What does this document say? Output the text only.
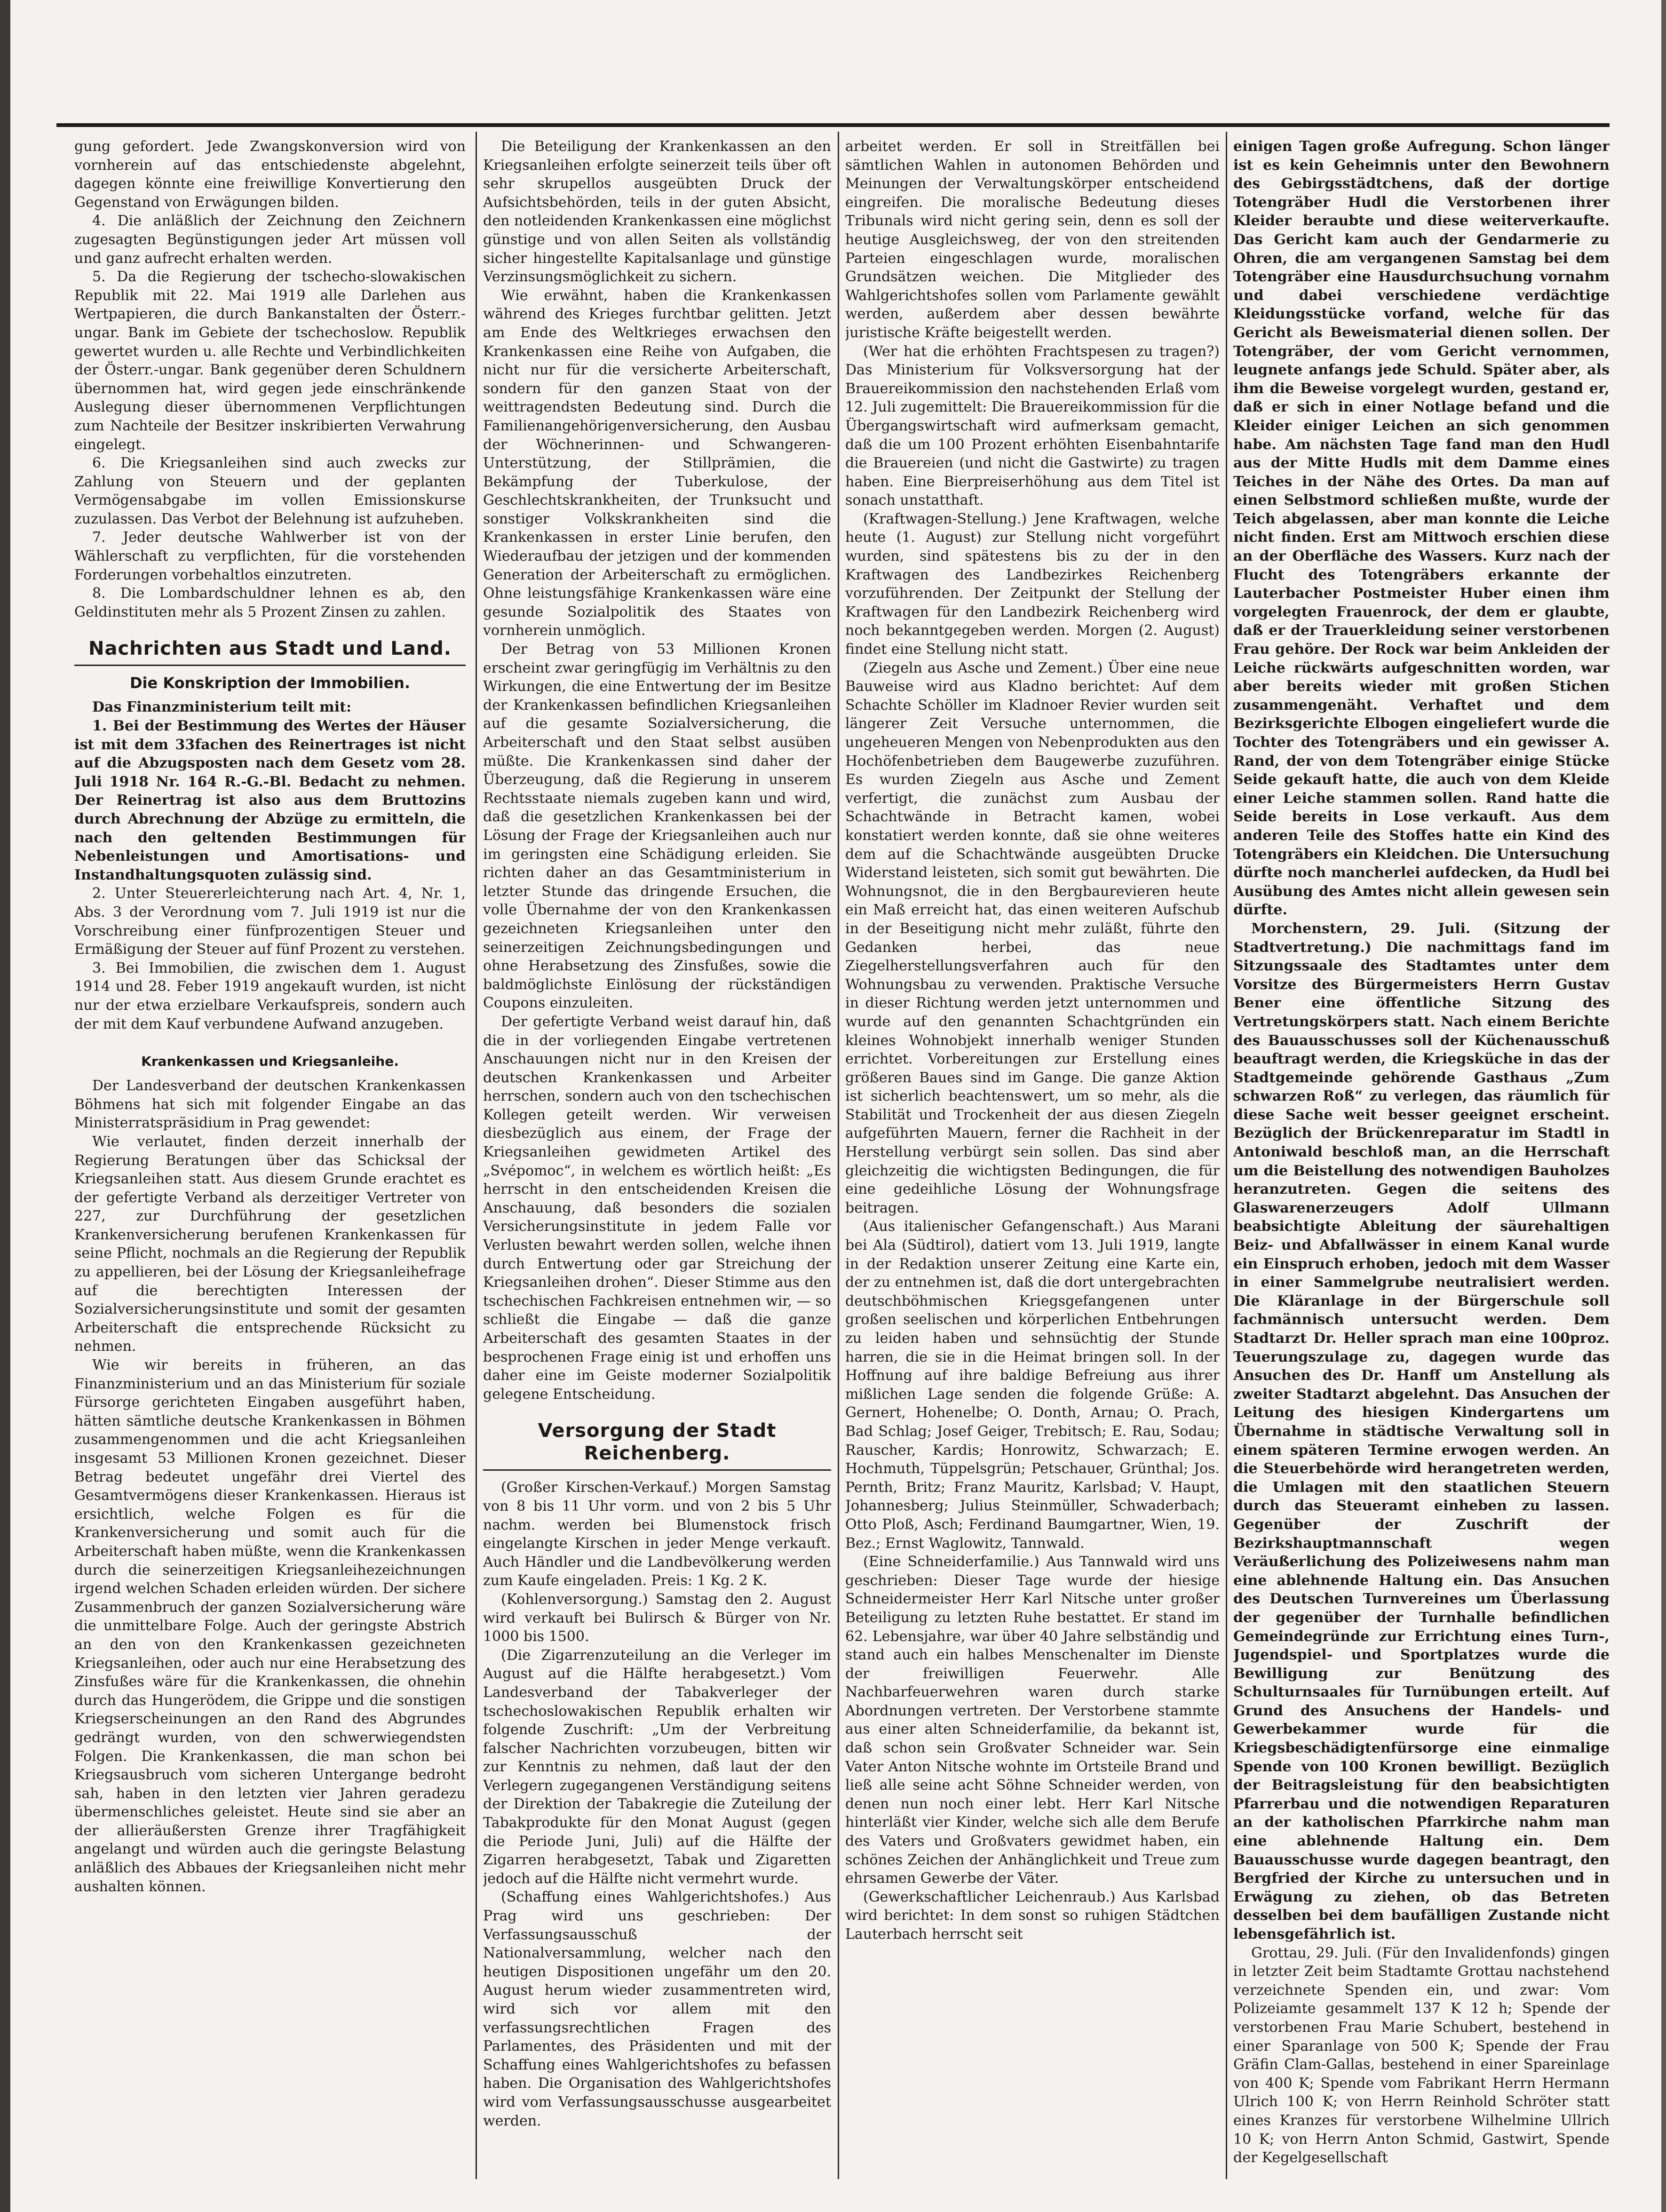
gung gefordert. Jede Zwangskonversion wird von vornherein auf das entschiedenste abgelehnt, dagegen könnte eine freiwillige Konvertierung den Gegenstand von Erwägungen bilden.

4. Die anläßlich der Zeichnung den Zeichnern zugesagten Begünstigungen jeder Art müssen voll und ganz aufrecht erhalten werden.

5. Da die Regierung der tschecho-slowakischen Republik mit 22. Mai 1919 alle Darlehen aus Wertpapieren, die durch Bankanstalten der Österr.-ungar. Bank im Gebiete der tschechoslow. Republik gewertet wurden u. alle Rechte und Verbindlichkeiten der Österr.-ungar. Bank gegenüber deren Schuldnern übernommen hat, wird gegen jede einschränkende Auslegung dieser übernommenen Verpflichtungen zum Nachteile der Besitzer inskribierten Verwahrung eingelegt.

6. Die Kriegsanleihen sind auch zwecks zur Zahlung von Steuern und der geplanten Vermögensabgabe im vollen Emissionskurse zuzulassen. Das Verbot der Belehnung ist aufzuheben.

7. Jeder deutsche Wahlwerber ist von der Wählerschaft zu verpflichten, für die vorstehenden Forderungen vorbehaltlos einzutreten.

8. Die Lombardschuldner lehnen es ab, den Geldinstituten mehr als 5 Prozent Zinsen zu zahlen.

Nachrichten aus Stadt und Land.
Die Konskription der Immobilien.

Das Finanzministerium teilt mit:

1. Bei der Bestimmung des Wertes der Häuser ist mit dem 33fachen des Reinertrages ist nicht auf die Abzugsposten nach dem Gesetz vom 28. Juli 1918 Nr. 164 R.-G.-Bl. Bedacht zu nehmen. Der Reinertrag ist also aus dem Bruttozins durch Abrechnung der Abzüge zu ermitteln, die nach den geltenden Bestimmungen für Nebenleistungen und Amortisations- und Instandhaltungsquoten zulässig sind.

2. Unter Steuererleichterung nach Art. 4, Nr. 1, Abs. 3 der Verordnung vom 7. Juli 1919 ist nur die Vorschreibung einer fünfprozentigen Steuer und Ermäßigung der Steuer auf fünf Prozent zu verstehen.

3. Bei Immobilien, die zwischen dem 1. August 1914 und 28. Feber 1919 angekauft wurden, ist nicht nur der etwa erzielbare Verkaufspreis, sondern auch der mit dem Kauf verbundene Aufwand anzugeben.

Krankenkassen und Kriegsanleihe.

Der Landesverband der deutschen Krankenkassen Böhmens hat sich mit folgender Eingabe an das Ministerratspräsidium in Prag gewendet:

Wie verlautet, finden derzeit innerhalb der Regierung Beratungen über das Schicksal der Kriegsanleihen statt. Aus diesem Grunde erachtet es der gefertigte Verband als derzeitiger Vertreter von 227, zur Durchführung der gesetzlichen Krankenversicherung berufenen Krankenkassen für seine Pflicht, nochmals an die Regierung der Republik zu appellieren, bei der Lösung der Kriegsanleihefrage auf die berechtigten Interessen der Sozialversicherungsinstitute und somit der gesamten Arbeiterschaft die entsprechende Rücksicht zu nehmen.

Wie wir bereits in früheren, an das Finanzministerium und an das Ministerium für soziale Fürsorge gerichteten Eingaben ausgeführt haben, hätten sämtliche deutsche Krankenkassen in Böhmen zusammengenommen und die acht Kriegsanleihen insgesamt 53 Millionen Kronen gezeichnet. Dieser Betrag bedeutet ungefähr drei Viertel des Gesamtvermögens dieser Krankenkassen. Hieraus ist ersichtlich, welche Folgen es für die Krankenversicherung und somit auch für die Arbeiterschaft haben müßte, wenn die Krankenkassen durch die seinerzeitigen Kriegsanleihezeichnungen irgend welchen Schaden erleiden würden. Der sichere Zusammenbruch der ganzen Sozialversicherung wäre die unmittelbare Folge. Auch der geringste Abstrich an den von den Krankenkassen gezeichneten Kriegsanleihen, oder auch nur eine Herabsetzung des Zinsfußes wäre für die Krankenkassen, die ohnehin durch das Hungerödem, die Grippe und die sonstigen Kriegserscheinungen an den Rand des Abgrundes gedrängt wurden, von den schwerwiegendsten Folgen. Die Krankenkassen, die man schon bei Kriegsausbruch vom sicheren Untergange bedroht sah, haben in den letzten vier Jahren geradezu übermenschliches geleistet. Heute sind sie aber an der allieräußersten Grenze ihrer Tragfähigkeit angelangt und würden auch die geringste Belastung anläßlich des Abbaues der Kriegsanleihen nicht mehr aushalten können.

Die Beteiligung der Krankenkassen an den Kriegsanleihen erfolgte seinerzeit teils über oft sehr skrupellos ausgeübten Druck der Aufsichtsbehörden, teils in der guten Absicht, den notleidenden Krankenkassen eine möglichst günstige und von allen Seiten als vollständig sicher hingestellte Kapitalsanlage und günstige Verzinsungsmöglichkeit zu sichern.

Wie erwähnt, haben die Krankenkassen während des Krieges furchtbar gelitten. Jetzt am Ende des Weltkrieges erwachsen den Krankenkassen eine Reihe von Aufgaben, die nicht nur für die versicherte Arbeiterschaft, sondern für den ganzen Staat von der weittragendsten Bedeutung sind. Durch die Familienangehörigenversicherung, den Ausbau der Wöchnerinnen- und Schwangeren-Unterstützung, der Stillprämien, die Bekämpfung der Tuberkulose, der Geschlechtskrankheiten, der Trunksucht und sonstiger Volkskrankheiten sind die Krankenkassen in erster Linie berufen, den Wiederaufbau der jetzigen und der kommenden Generation der Arbeiterschaft zu ermöglichen. Ohne leistungsfähige Krankenkassen wäre eine gesunde Sozialpolitik des Staates von vornherein unmöglich.

Der Betrag von 53 Millionen Kronen erscheint zwar geringfügig im Verhältnis zu den Wirkungen, die eine Entwertung der im Besitze der Krankenkassen befindlichen Kriegsanleihen auf die gesamte Sozialversicherung, die Arbeiterschaft und den Staat selbst ausüben müßte. Die Krankenkassen sind daher der Überzeugung, daß die Regierung in unserem Rechtsstaate niemals zugeben kann und wird, daß die gesetzlichen Krankenkassen bei der Lösung der Frage der Kriegsanleihen auch nur im geringsten eine Schädigung erleiden. Sie richten daher an das Gesamtministerium in letzter Stunde das dringende Ersuchen, die volle Übernahme der von den Krankenkassen gezeichneten Kriegsanleihen unter den seinerzeitigen Zeichnungsbedingungen und ohne Herabsetzung des Zinsfußes, sowie die baldmöglichste Einlösung der rückständigen Coupons einzuleiten.

Der gefertigte Verband weist darauf hin, daß die in der vorliegenden Eingabe vertretenen Anschauungen nicht nur in den Kreisen der deutschen Krankenkassen und Arbeiter herrschen, sondern auch von den tschechischen Kollegen geteilt werden. Wir verweisen diesbezüglich aus einem, der Frage der Kriegsanleihen gewidmeten Artikel des „Svépomoc“, in welchem es wörtlich heißt: „Es herrscht in den entscheidenden Kreisen die Anschauung, daß besonders die sozialen Versicherungsinstitute in jedem Falle vor Verlusten bewahrt werden sollen, welche ihnen durch Entwertung oder gar Streichung der Kriegsanleihen drohen“. Dieser Stimme aus den tschechischen Fachkreisen entnehmen wir, — so schließt die Eingabe — daß die ganze Arbeiterschaft des gesamten Staates in der besprochenen Frage einig ist und erhoffen uns daher eine im Geiste moderner Sozialpolitik gelegene Entscheidung.

Versorgung der Stadt Reichenberg.

(Großer Kirschen-Verkauf.) Morgen Samstag von 8 bis 11 Uhr vorm. und von 2 bis 5 Uhr nachm. werden bei Blumenstock frisch eingelangte Kirschen in jeder Menge verkauft. Auch Händler und die Landbevölkerung werden zum Kaufe eingeladen. Preis: 1 Kg. 2 K.

(Kohlenversorgung.) Samstag den 2. August wird verkauft bei Bulirsch & Bürger von Nr. 1000 bis 1500.

(Die Zigarrenzuteilung an die Verleger im August auf die Hälfte herabgesetzt.) Vom Landesverband der Tabakverleger der tschechoslowakischen Republik erhalten wir folgende Zuschrift: „Um der Verbreitung falscher Nachrichten vorzubeugen, bitten wir zur Kenntnis zu nehmen, daß laut der den Verlegern zugegangenen Verständigung seitens der Direktion der Tabakregie die Zuteilung der Tabakprodukte für den Monat August (gegen die Periode Juni, Juli) auf die Hälfte der Zigarren herabgesetzt, Tabak und Zigaretten jedoch auf die Hälfte nicht vermehrt wurde.

(Schaffung eines Wahlgerichtshofes.) Aus Prag wird uns geschrieben: Der Verfassungsausschuß der Nationalversammlung, welcher nach den heutigen Dispositionen ungefähr um den 20. August herum wieder zusammentreten wird, wird sich vor allem mit den verfassungsrechtlichen Fragen des Parlamentes, des Präsidenten und mit der Schaffung eines Wahlgerichtshofes zu befassen haben. Die Organisation des Wahlgerichtshofes wird vom Verfassungsausschusse ausgearbeitet werden.

arbeitet werden. Er soll in Streitfällen bei sämtlichen Wahlen in autonomen Behörden und Meinungen der Verwaltungskörper entscheidend eingreifen. Die moralische Bedeutung dieses Tribunals wird nicht gering sein, denn es soll der heutige Ausgleichsweg, der von den streitenden Parteien eingeschlagen wurde, moralischen Grundsätzen weichen. Die Mitglieder des Wahlgerichtshofes sollen vom Parlamente gewählt werden, außerdem aber dessen bewährte juristische Kräfte beigestellt werden.

(Wer hat die erhöhten Frachtspesen zu tragen?) Das Ministerium für Volksversorgung hat der Brauereikommission den nachstehenden Erlaß vom 12. Juli zugemittelt: Die Brauereikommission für die Übergangswirtschaft wird aufmerksam gemacht, daß die um 100 Prozent erhöhten Eisenbahntarife die Brauereien (und nicht die Gastwirte) zu tragen haben. Eine Bierpreiserhöhung aus dem Titel ist sonach unstatthaft.

(Kraftwagen-Stellung.) Jene Kraftwagen, welche heute (1. August) zur Stellung nicht vorgeführt wurden, sind spätestens bis zu der in den Kraftwagen des Landbezirkes Reichenberg vorzuführenden. Der Zeitpunkt der Stellung der Kraftwagen für den Landbezirk Reichenberg wird noch bekanntgegeben werden. Morgen (2. August) findet eine Stellung nicht statt.

(Ziegeln aus Asche und Zement.) Über eine neue Bauweise wird aus Kladno berichtet: Auf dem Schachte Schöller im Kladnoer Revier wurden seit längerer Zeit Versuche unternommen, die ungeheueren Mengen von Nebenprodukten aus den Hochöfenbetrieben dem Baugewerbe zuzuführen. Es wurden Ziegeln aus Asche und Zement verfertigt, die zunächst zum Ausbau der Schachtwände in Betracht kamen, wobei konstatiert werden konnte, daß sie ohne weiteres dem auf die Schachtwände ausgeübten Drucke Widerstand leisteten, sich somit gut bewährten. Die Wohnungsnot, die in den Bergbaurevieren heute ein Maß erreicht hat, das einen weiteren Aufschub in der Beseitigung nicht mehr zuläßt, führte den Gedanken herbei, das neue Ziegelherstellungsverfahren auch für den Wohnungsbau zu verwenden. Praktische Versuche in dieser Richtung werden jetzt unternommen und wurde auf den genannten Schachtgründen ein kleines Wohnobjekt innerhalb weniger Stunden errichtet. Vorbereitungen zur Erstellung eines größeren Baues sind im Gange. Die ganze Aktion ist sicherlich beachtenswert, um so mehr, als die Stabilität und Trockenheit der aus diesen Ziegeln aufgeführten Mauern, ferner die Rachheit in der Herstellung verbürgt sein sollen. Das sind aber gleichzeitig die wichtigsten Bedingungen, die für eine gedeihliche Lösung der Wohnungsfrage beitragen.

(Aus italienischer Gefangenschaft.) Aus Marani bei Ala (Südtirol), datiert vom 13. Juli 1919, langte in der Redaktion unserer Zeitung eine Karte ein, der zu entnehmen ist, daß die dort untergebrachten deutschböhmischen Kriegsgefangenen unter großen seelischen und körperlichen Entbehrungen zu leiden haben und sehnsüchtig der Stunde harren, die sie in die Heimat bringen soll. In der Hoffnung auf ihre baldige Befreiung aus ihrer mißlichen Lage senden die folgende Grüße: A. Gernert, Hohenelbe; O. Donth, Arnau; O. Prach, Bad Schlag; Josef Geiger, Trebitsch; E. Rau, Sodau; Rauscher, Kardis; Honrowitz, Schwarzach; E. Hochmuth, Tüppelsgrün; Petschauer, Grünthal; Jos. Pernth, Britz; Franz Mauritz, Karlsbad; V. Haupt, Johannesberg; Julius Steinmüller, Schwaderbach; Otto Ploß, Asch; Ferdinand Baumgartner, Wien, 19. Bez.; Ernst Waglowitz, Tannwald.

(Eine Schneiderfamilie.) Aus Tannwald wird uns geschrieben: Dieser Tage wurde der hiesige Schneidermeister Herr Karl Nitsche unter großer Beteiligung zu letzten Ruhe bestattet. Er stand im 62. Lebensjahre, war über 40 Jahre selbständig und stand auch ein halbes Menschenalter im Dienste der freiwilligen Feuerwehr. Alle Nachbarfeuerwehren waren durch starke Abordnungen vertreten. Der Verstorbene stammte aus einer alten Schneiderfamilie, da bekannt ist, daß schon sein Großvater Schneider war. Sein Vater Anton Nitsche wohnte im Ortsteile Brand und ließ alle seine acht Söhne Schneider werden, von denen nun noch einer lebt. Herr Karl Nitsche hinterläßt vier Kinder, welche sich alle dem Berufe des Vaters und Großvaters gewidmet haben, ein schönes Zeichen der Anhänglichkeit und Treue zum ehrsamen Gewerbe der Väter.

(Gewerkschaftlicher Leichenraub.) Aus Karlsbad wird berichtet: In dem sonst so ruhigen Städtchen Lauterbach herrscht seit

einigen Tagen große Aufregung. Schon länger ist es kein Geheimnis unter den Bewohnern des Gebirgsstädtchens, daß der dortige Totengräber Hudl die Verstorbenen ihrer Kleider beraubte und diese weiterverkaufte. Das Gericht kam auch der Gendarmerie zu Ohren, die am vergangenen Samstag bei dem Totengräber eine Hausdurchsuchung vornahm und dabei verschiedene verdächtige Kleidungsstücke vorfand, welche für das Gericht als Beweismaterial dienen sollen. Der Totengräber, der vom Gericht vernommen, leugnete anfangs jede Schuld. Später aber, als ihm die Beweise vorgelegt wurden, gestand er, daß er sich in einer Notlage befand und die Kleider einiger Leichen an sich genommen habe. Am nächsten Tage fand man den Hudl aus der Mitte Hudls mit dem Damme eines Teiches in der Nähe des Ortes. Da man auf einen Selbstmord schließen mußte, wurde der Teich abgelassen, aber man konnte die Leiche nicht finden. Erst am Mittwoch erschien diese an der Oberfläche des Wassers. Kurz nach der Flucht des Totengräbers erkannte der Lauterbacher Postmeister Huber einen ihm vorgelegten Frauenrock, der dem er glaubte, daß er der Trauerkleidung seiner verstorbenen Frau gehöre. Der Rock war beim Ankleiden der Leiche rückwärts aufgeschnitten worden, war aber bereits wieder mit großen Stichen zusammengenäht. Verhaftet und dem Bezirksgerichte Elbogen eingeliefert wurde die Tochter des Totengräbers und ein gewisser A. Rand, der von dem Totengräber einige Stücke Seide gekauft hatte, die auch von dem Kleide einer Leiche stammen sollen. Rand hatte die Seide bereits in Lose verkauft. Aus dem anderen Teile des Stoffes hatte ein Kind des Totengräbers ein Kleidchen. Die Untersuchung dürfte noch mancherlei aufdecken, da Hudl bei Ausübung des Amtes nicht allein gewesen sein dürfte.

Morchenstern, 29. Juli. (Sitzung der Stadtvertretung.) Die nachmittags fand im Sitzungssaale des Stadtamtes unter dem Vorsitze des Bürgermeisters Herrn Gustav Bener eine öffentliche Sitzung des Vertretungskörpers statt. Nach einem Berichte des Bauausschusses soll der Küchenausschuß beauftragt werden, die Kriegsküche in das der Stadtgemeinde gehörende Gasthaus „Zum schwarzen Roß“ zu verlegen, das räumlich für diese Sache weit besser geeignet erscheint. Bezüglich der Brückenreparatur im Stadtl in Antoniwald beschloß man, an die Herrschaft um die Beistellung des notwendigen Bauholzes heranzutreten. Gegen die seitens des Glaswarenerzeugers Adolf Ullmann beabsichtigte Ableitung der säurehaltigen Beiz- und Abfallwässer in einem Kanal wurde ein Einspruch erhoben, jedoch mit dem Wasser in einer Sammelgrube neutralisiert werden. Die Kläranlage in der Bürgerschule soll fachmännisch untersucht werden. Dem Stadtarzt Dr. Heller sprach man eine 100proz. Teuerungszulage zu, dagegen wurde das Ansuchen des Dr. Hanff um Anstellung als zweiter Stadtarzt abgelehnt. Das Ansuchen der Leitung des hiesigen Kindergartens um Übernahme in städtische Verwaltung soll in einem späteren Termine erwogen werden. An die Steuerbehörde wird herangetreten werden, die Umlagen mit den staatlichen Steuern durch das Steueramt einheben zu lassen. Gegenüber der Zuschrift der Bezirkshauptmannschaft wegen Veräußerlichung des Polizeiwesens nahm man eine ablehnende Haltung ein. Das Ansuchen des Deutschen Turnvereines um Überlassung der gegenüber der Turnhalle befindlichen Gemeindegründe zur Errichtung eines Turn-, Jugendspiel- und Sportplatzes wurde die Bewilligung zur Benützung des Schulturnsaales für Turnübungen erteilt. Auf Grund des Ansuchens der Handels- und Gewerbekammer wurde für die Kriegsbeschädigtenfürsorge eine einmalige Spende von 100 Kronen bewilligt. Bezüglich der Beitragsleistung für den beabsichtigten Pfarrerbau und die notwendigen Reparaturen an der katholischen Pfarrkirche nahm man eine ablehnende Haltung ein. Dem Bauausschusse wurde dagegen beantragt, den Bergfried der Kirche zu untersuchen und in Erwägung zu ziehen, ob das Betreten desselben bei dem baufälligen Zustande nicht lebensgefährlich ist.

Grottau, 29. Juli. (Für den Invalidenfonds) gingen in letzter Zeit beim Stadtamte Grottau nachstehend verzeichnete Spenden ein, und zwar: Vom Polizeiamte gesammelt 137 K 12 h; Spende der verstorbenen Frau Marie Schubert, bestehend in einer Sparanlage von 500 K; Spende der Frau Gräfin Clam-Gallas, bestehend in einer Spareinlage von 400 K; Spende vom Fabrikant Herrn Hermann Ulrich 100 K; von Herrn Reinhold Schröter statt eines Kranzes für verstorbene Wilhelmine Ullrich 10 K; von Herrn Anton Schmid, Gastwirt, Spende der Kegelgesellschaft
